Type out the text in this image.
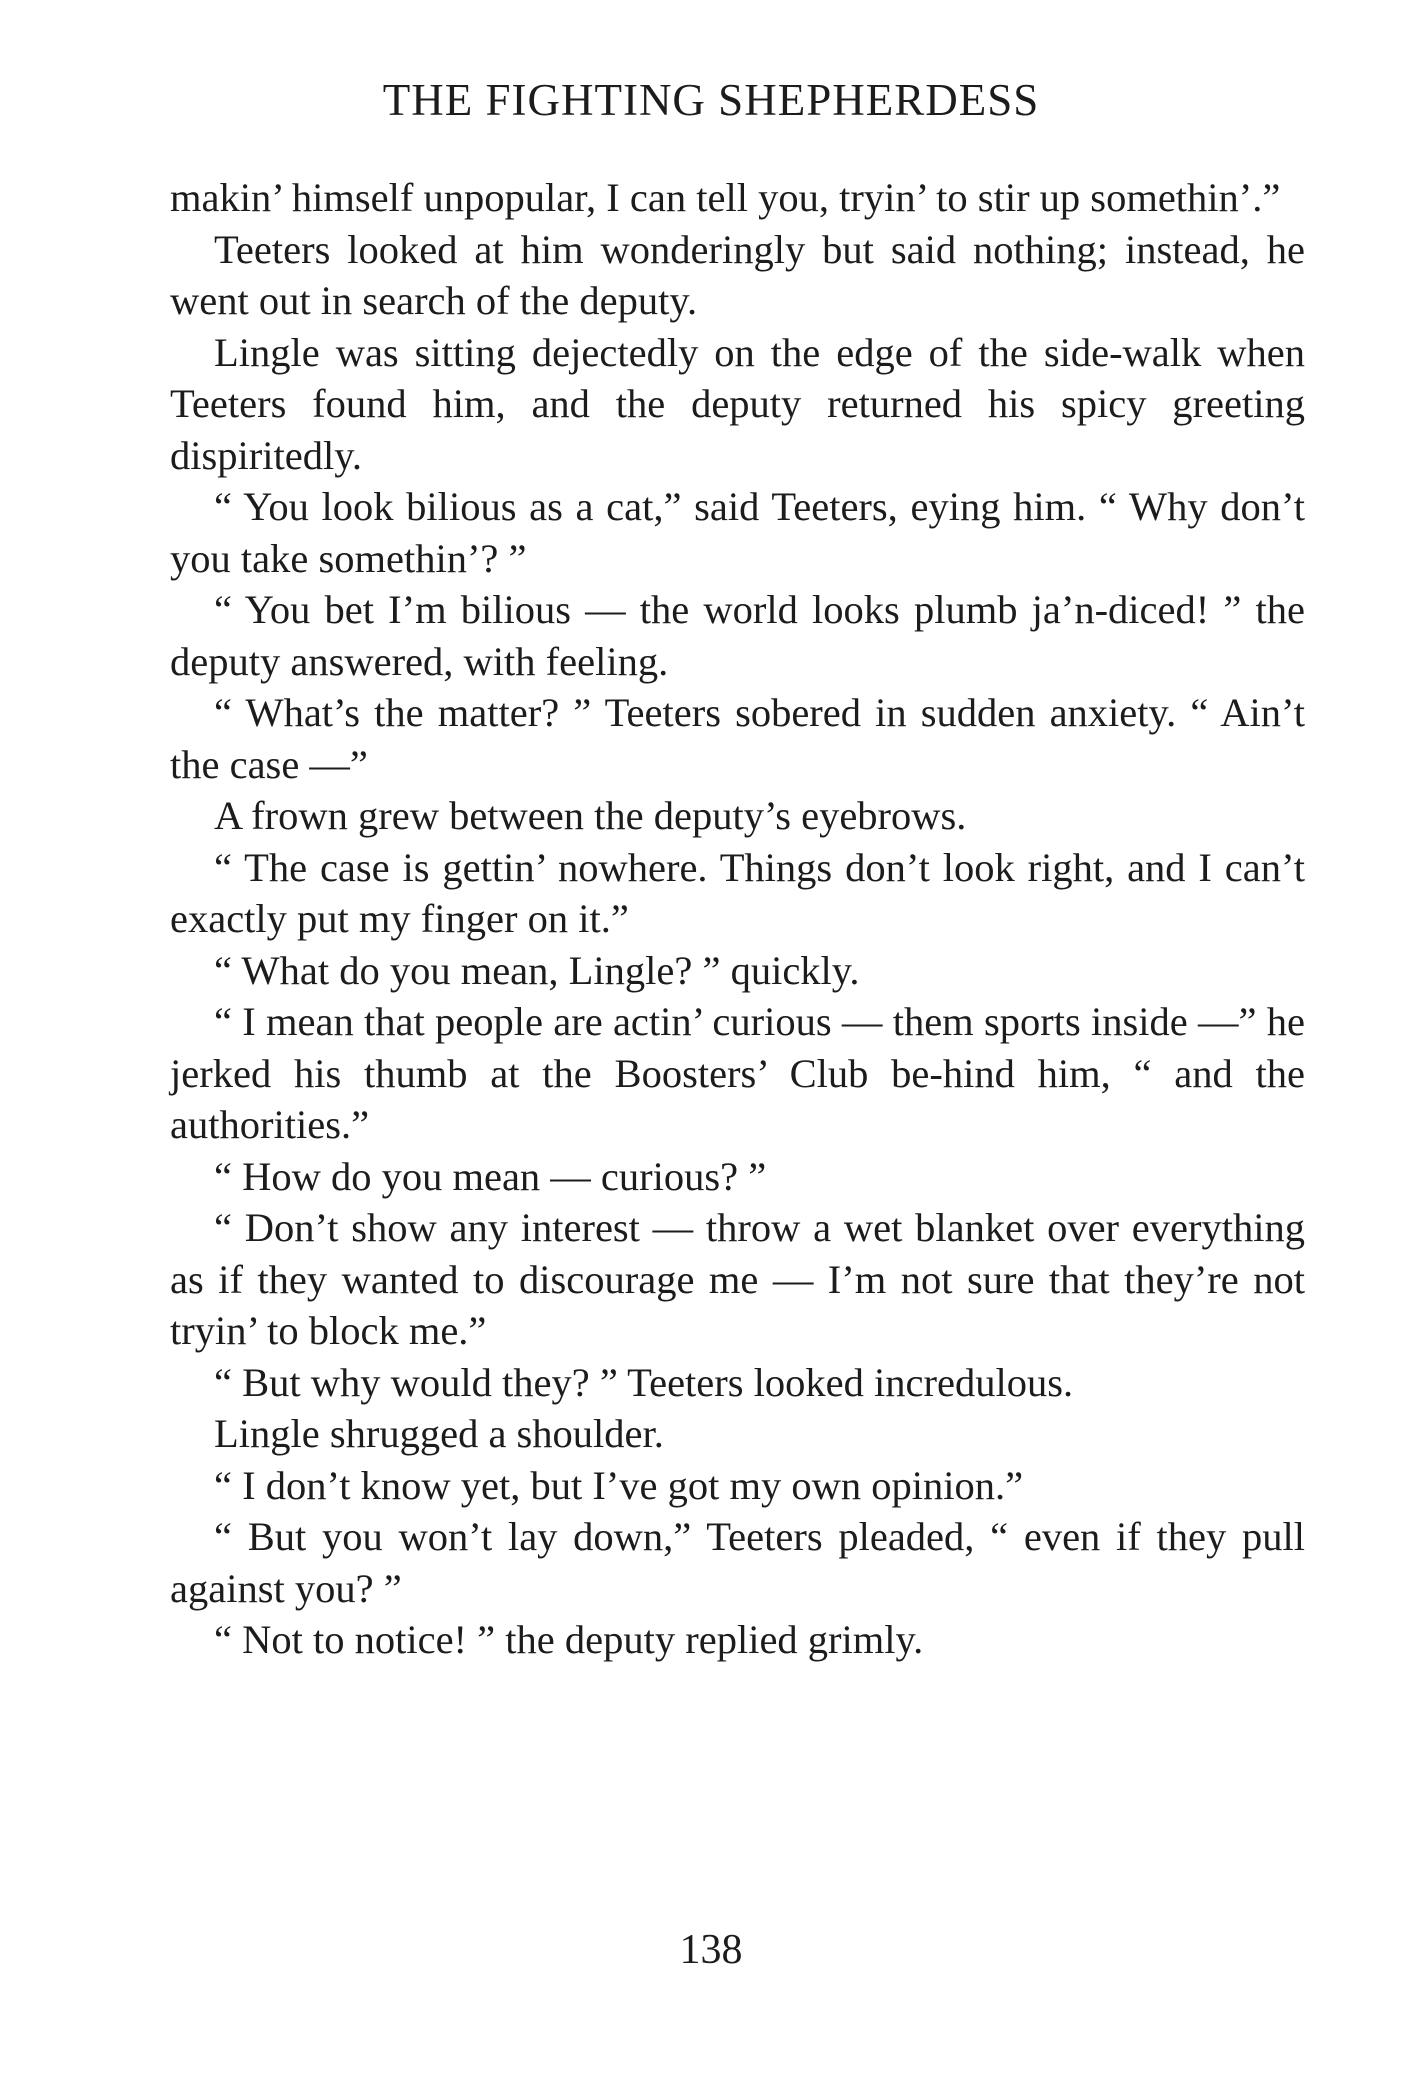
THE FIGHTING SHEPHERDESS

makin’ himself unpopular, I can tell you, tryin’ to stir up somethin’.”

Teeters looked at him wonderingly but said nothing; instead, he went out in search of the deputy.

Lingle was sitting dejectedly on the edge of the side-walk when Teeters found him, and the deputy returned his spicy greeting dispiritedly.

“ You look bilious as a cat,” said Teeters, eying him. “ Why don’t you take somethin’? ”

“ You bet I’m bilious — the world looks plumb ja’n-diced! ” the deputy answered, with feeling.

“ What’s the matter? ” Teeters sobered in sudden anxiety. “ Ain’t the case —”

A frown grew between the deputy’s eyebrows.

“ The case is gettin’ nowhere. Things don’t look right, and I can’t exactly put my finger on it.”

“ What do you mean, Lingle? ” quickly.

“ I mean that people are actin’ curious — them sports inside —” he jerked his thumb at the Boosters’ Club be-hind him, “ and the authorities.”

“ How do you mean — curious? ”

“ Don’t show any interest — throw a wet blanket over everything as if they wanted to discourage me — I’m not sure that they’re not tryin’ to block me.”

“ But why would they? ” Teeters looked incredulous.

Lingle shrugged a shoulder.

“ I don’t know yet, but I’ve got my own opinion.”

“ But you won’t lay down,” Teeters pleaded, “ even if they pull against you? ”

“ Not to notice! ” the deputy replied grimly.

138
